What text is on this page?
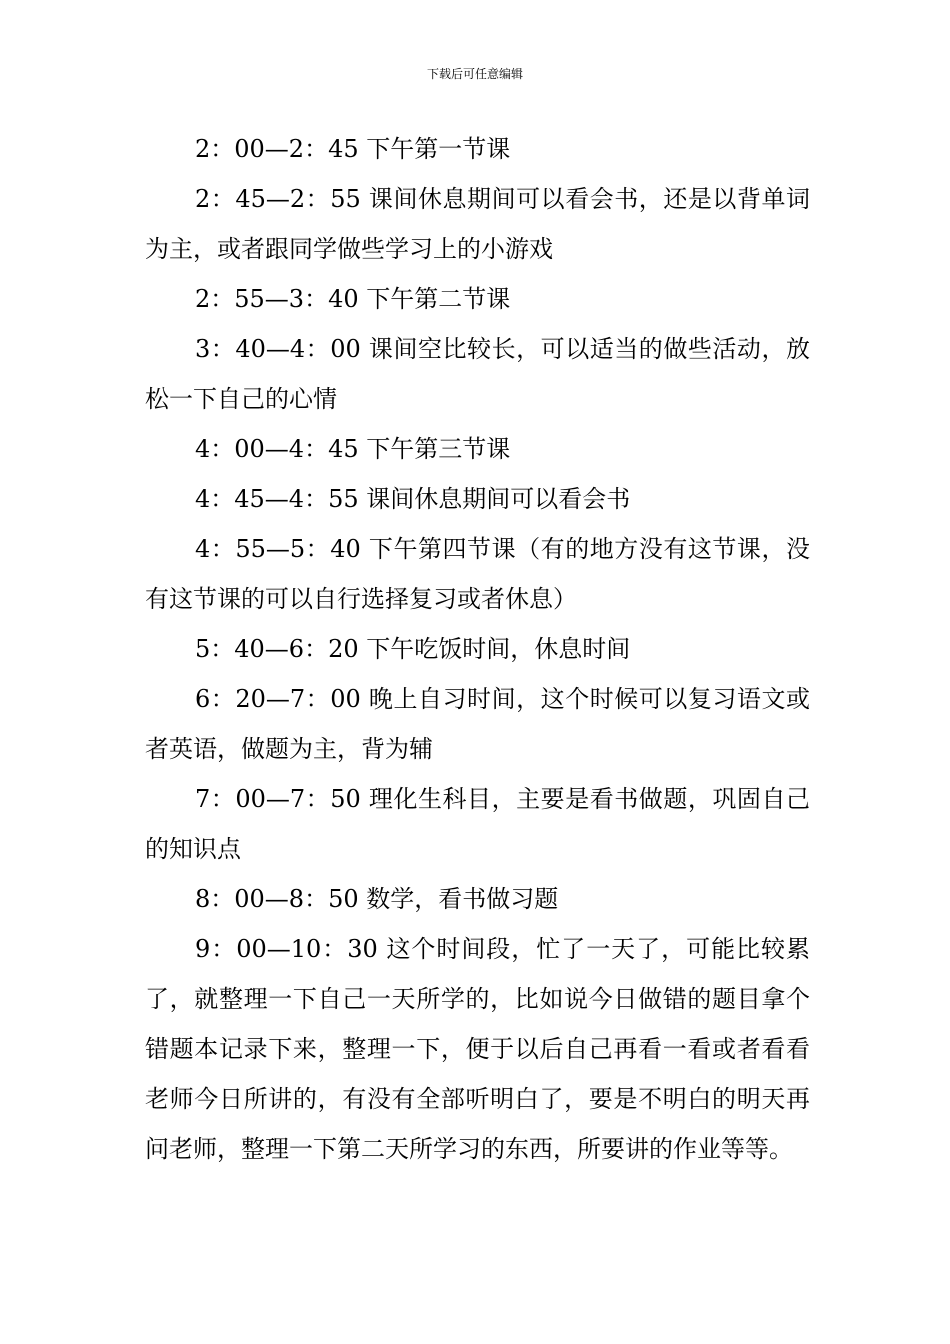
下载后可任意编辑

2：00—2：45 下午第一节课

2：45—2：55 课间休息期间可以看会书，还是以背单词为主，或者跟同学做些学习上的小游戏

2：55—3：40 下午第二节课

3：40—4：00 课间空比较长，可以适当的做些活动，放松一下自己的心情

4：00—4：45 下午第三节课

4：45—4：55 课间休息期间可以看会书

4：55—5：40 下午第四节课（有的地方没有这节课，没有这节课的可以自行选择复习或者休息）

5：40—6：20 下午吃饭时间，休息时间

6：20—7：00 晚上自习时间，这个时候可以复习语文或者英语，做题为主，背为辅

7：00—7：50 理化生科目，主要是看书做题，巩固自己的知识点

8：00—8：50 数学，看书做习题

9：00—10：30 这个时间段，忙了一天了，可能比较累了，就整理一下自己一天所学的，比如说今日做错的题目拿个错题本记录下来，整理一下，便于以后自己再看一看或者看看老师今日所讲的，有没有全部听明白了，要是不明白的明天再问老师，整理一下第二天所学习的东西，所要讲的作业等等。
